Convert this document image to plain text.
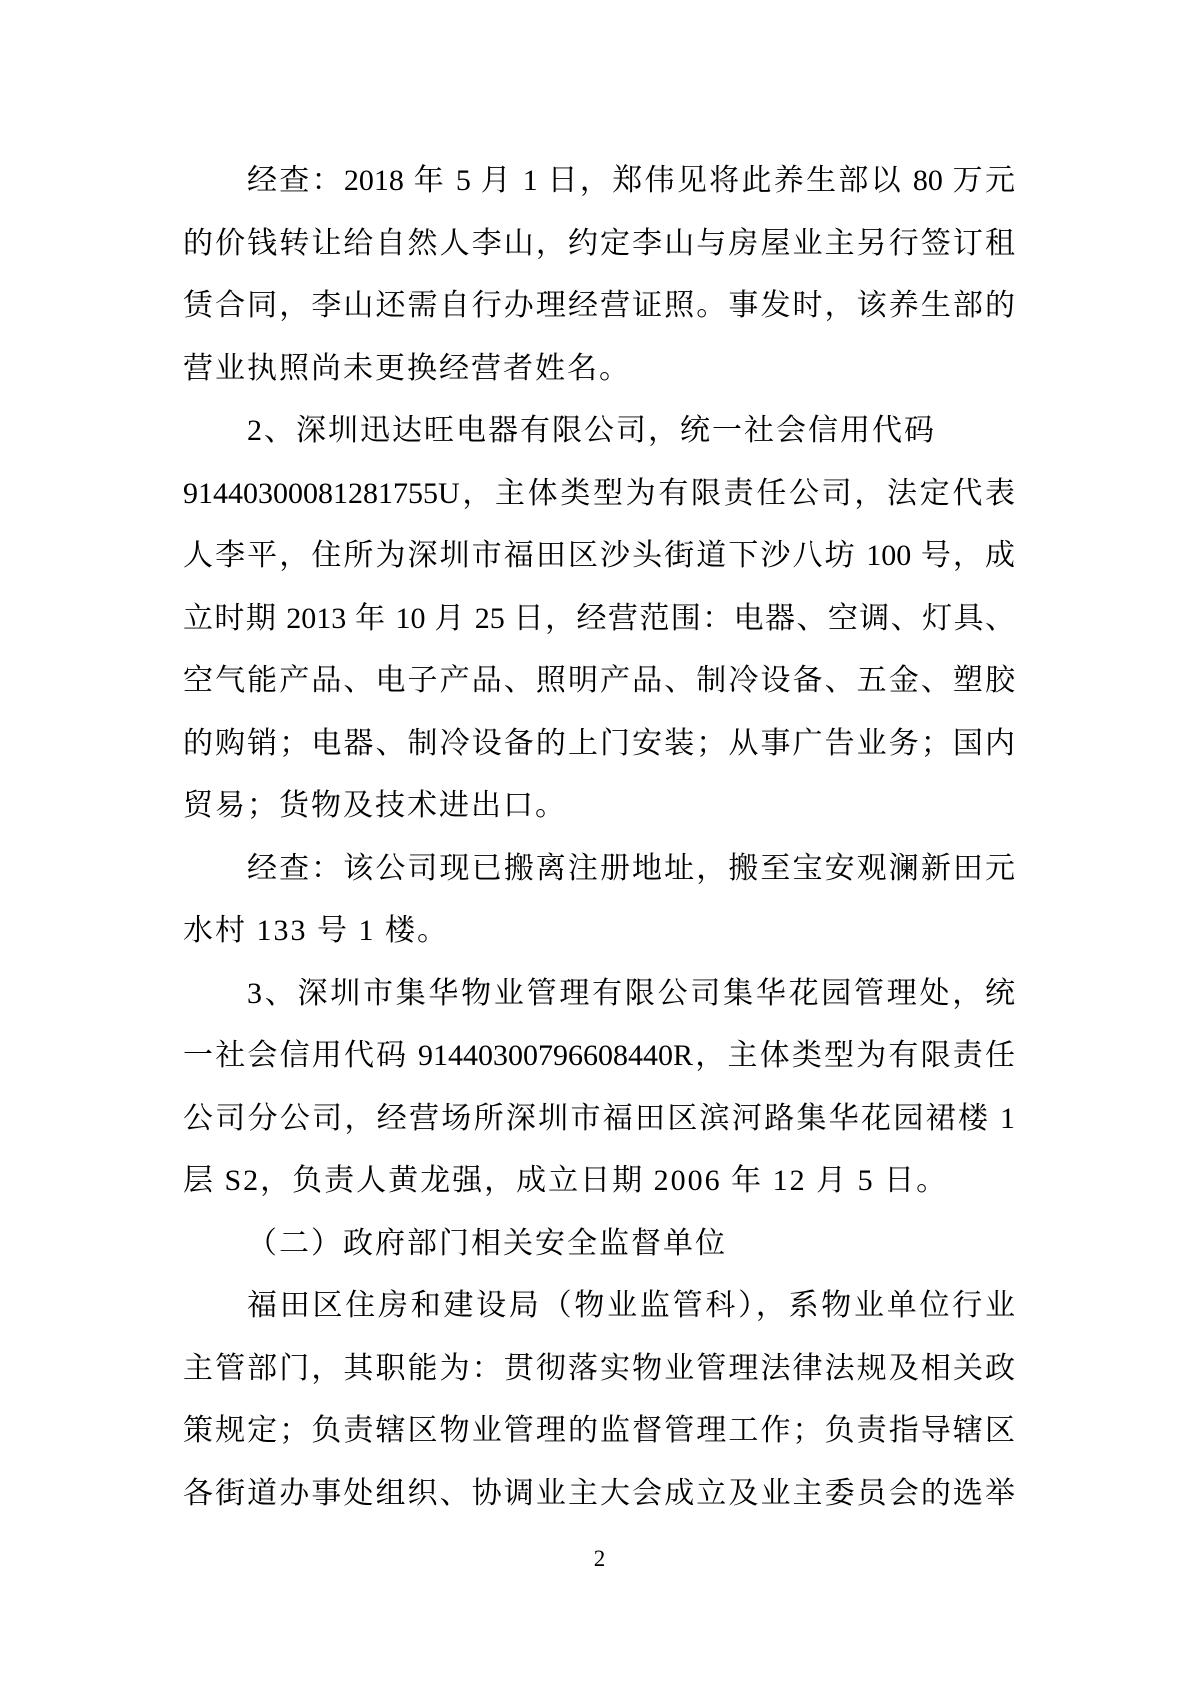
经查：2018 年 5 月 1 日，郑伟见将此养生部以 80 万元
的价钱转让给自然人李山，约定李山与房屋业主另行签订租
赁合同，李山还需自行办理经营证照。事发时，该养生部的
营业执照尚未更换经营者姓名。
2、深圳迅达旺电器有限公司，统一社会信用代码
91440300081281755U，主体类型为有限责任公司，法定代表
人李平，住所为深圳市福田区沙头街道下沙八坊 100 号，成
立时期 2013 年 10 月 25 日，经营范围：电器、空调、灯具、
空气能产品、电子产品、照明产品、制冷设备、五金、塑胶
的购销；电器、制冷设备的上门安装；从事广告业务；国内
贸易；货物及技术进出口。
经查：该公司现已搬离注册地址，搬至宝安观澜新田元
水村 133 号 1 楼。
3、深圳市集华物业管理有限公司集华花园管理处，统
一社会信用代码 91440300796608440R，主体类型为有限责任
公司分公司，经营场所深圳市福田区滨河路集华花园裙楼 1
层 S2，负责人黄龙强，成立日期 2006 年 12 月 5 日。
（二）政府部门相关安全监督单位
福田区住房和建设局（物业监管科），系物业单位行业
主管部门，其职能为：贯彻落实物业管理法律法规及相关政
策规定；负责辖区物业管理的监督管理工作；负责指导辖区
各街道办事处组织、协调业主大会成立及业主委员会的选举
2
